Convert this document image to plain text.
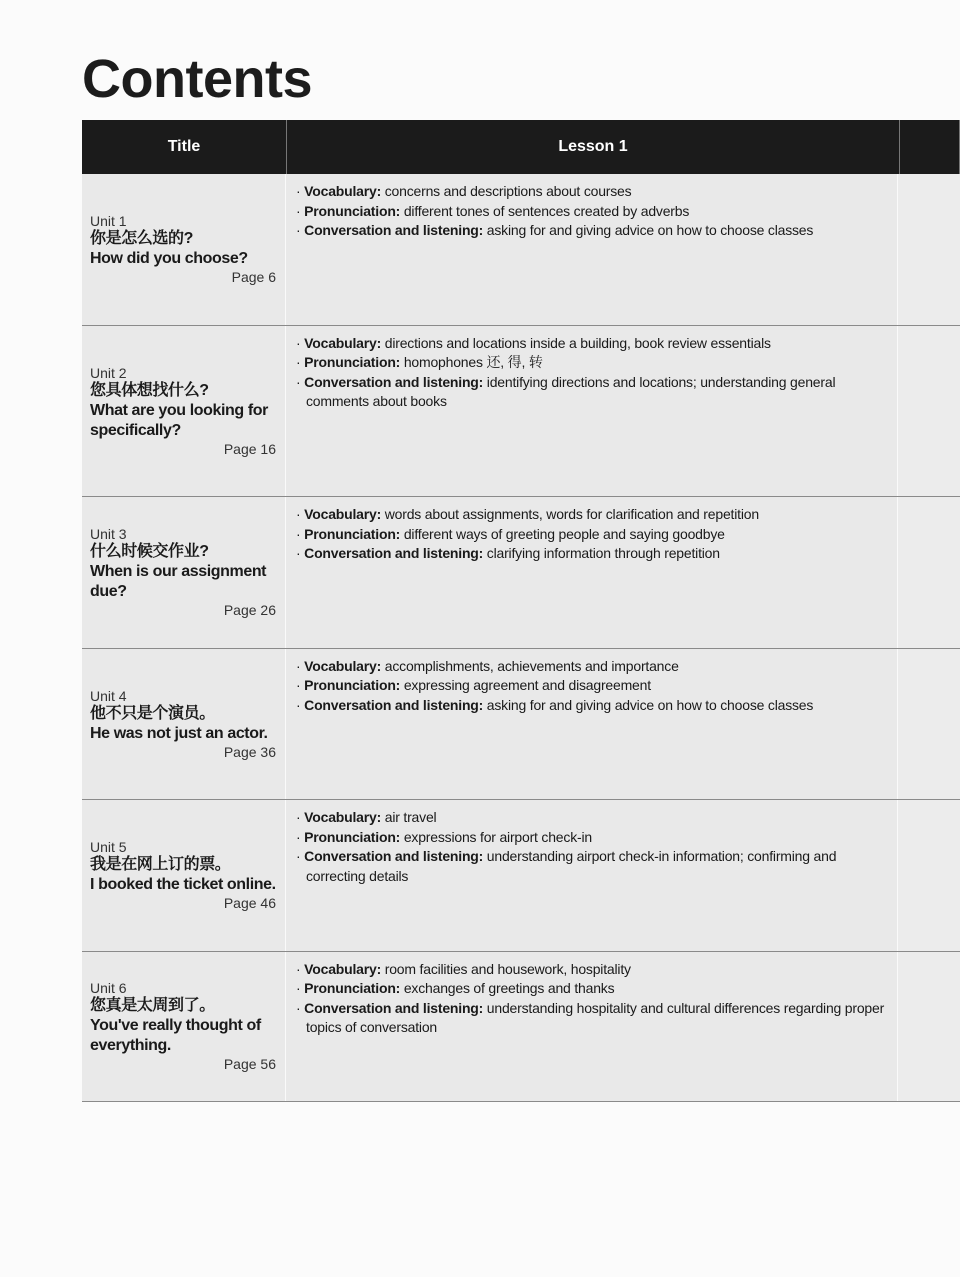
Contents
Title	Lesson 1
Unit 1
你是怎么选的?
How did you choose?
Page 6
· Vocabulary: concerns and descriptions about courses
· Pronunciation: different tones of sentences created by adverbs
· Conversation and listening: asking for and giving advice on how to choose classes
Unit 2
您具体想找什么?
What are you looking for specifically?
Page 16
· Vocabulary: directions and locations inside a building, book review essentials
· Pronunciation: homophones 还, 得, 转
· Conversation and listening: identifying directions and locations; understanding general comments about books
Unit 3
什么时候交作业?
When is our assignment due?
Page 26
· Vocabulary: words about assignments, words for clarification and repetition
· Pronunciation: different ways of greeting people and saying goodbye
· Conversation and listening: clarifying information through repetition
Unit 4
他不只是个演员。
He was not just an actor.
Page 36
· Vocabulary: accomplishments, achievements and importance
· Pronunciation: expressing agreement and disagreement
· Conversation and listening: asking for and giving advice on how to choose classes
Unit 5
我是在网上订的票。
I booked the ticket online.
Page 46
· Vocabulary: air travel
· Pronunciation: expressions for airport check-in
· Conversation and listening: understanding airport check-in information; confirming and correcting details
Unit 6
您真是太周到了。
You've really thought of everything.
Page 56
· Vocabulary: room facilities and housework, hospitality
· Pronunciation: exchanges of greetings and thanks
· Conversation and listening: understanding hospitality and cultural differences regarding proper topics of conversation
